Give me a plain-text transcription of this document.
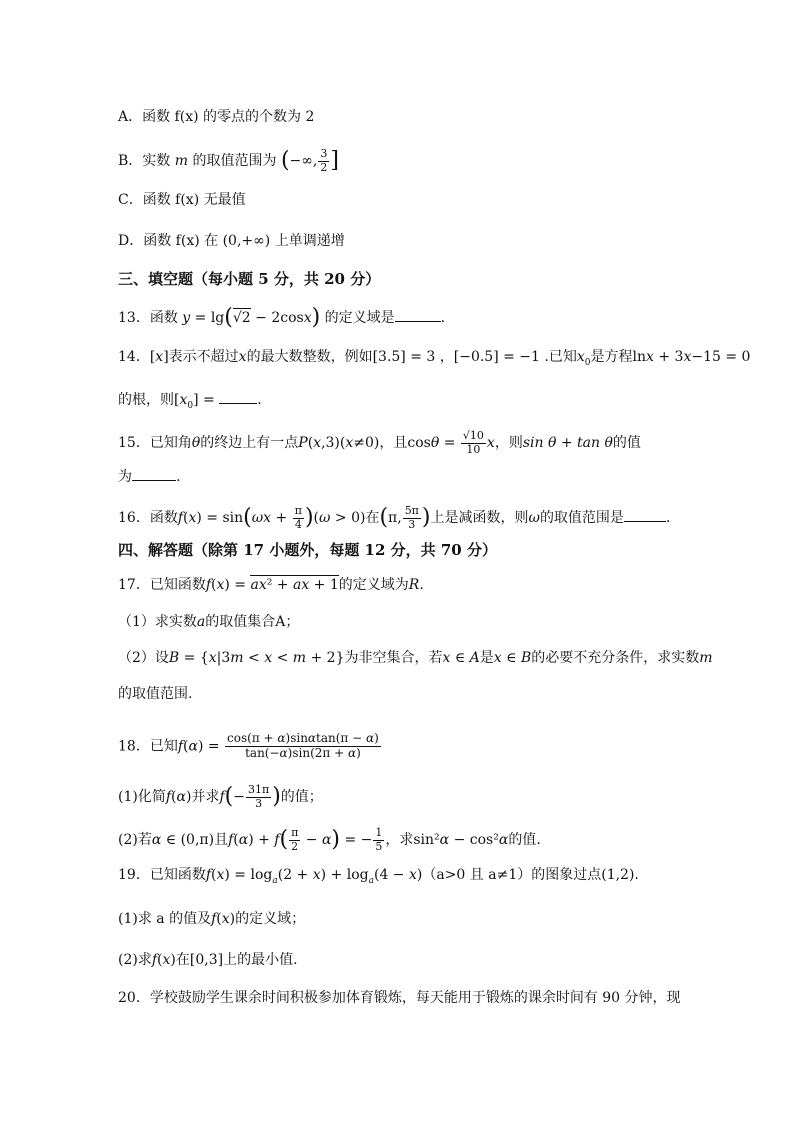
A．函数 f(x) 的零点的个数为 2
B．实数 m 的取值范围为 (−∞, $\frac{3}{2}$ ]
C．函数 f(x) 无最值
D．函数 f(x) 在 (0,+∞) 上单调递增
三、填空题（每小题 5 分，共 20 分）
13．函数 y = lg(√2 − 2cosx) 的定义域是	.
14．[x]表示不超过x的最大数整数，例如[3.5] = 3 ，[−0.5] = −1 .已知$x_0$是方程lnx + 3x−15 = 0
的根，则$[x_0]$ =	.
15．已知角θ的终边上有一点P(x,3)(x≠0)，且$\cos\theta = \frac{√10}{10}$ x，则sin θ + tan θ的值
为	.
16．函数$f(x) = \sin(\omega x + \frac{\pi}{4} )(\omega > 0)$在(π, $\frac{5\pi}{3}$ )上是减函数，则ω的取值范围是	.
四、解答题（除第 17 小题外，每题 12 分，共 70 分）
17．已知函数f(x) = ax² + ax + 1的定义域为R.
（1）求实数a的取值集合A；
（2）设B = {x|3m < x < m + 2}为非空集合，若x ∈ A是x ∈ B的必要不充分条件，求实数m
的取值范围.
18．已知$f(\alpha) = \frac{\cos(\pi + \alpha)\sin\alpha\tan(\pi - \alpha)}{\tan(-\alpha)\sin(2\pi + \alpha)}$
(1)化简f(α)并求$f(- \frac{31\pi}{3}$ )的值；
(2)若α ∈ (0,π)且$f(\alpha) + f( \frac{\pi}{2} - \alpha)$ = − $\frac{1}{5}$ ，求sin²α − cos²α的值.
19．已知函数$f(x) = \log_a(2 + x) + \log_a(4 - x)(a>0$ 且 a≠1）的图象过点(1,2).
(1)求 a 的值及f(x)的定义域；
(2)求f(x)在[0,3]上的最小值.
20．学校鼓励学生课余时间积极参加体育锻炼，每天能用于锻炼的课余时间有 90 分钟，现
